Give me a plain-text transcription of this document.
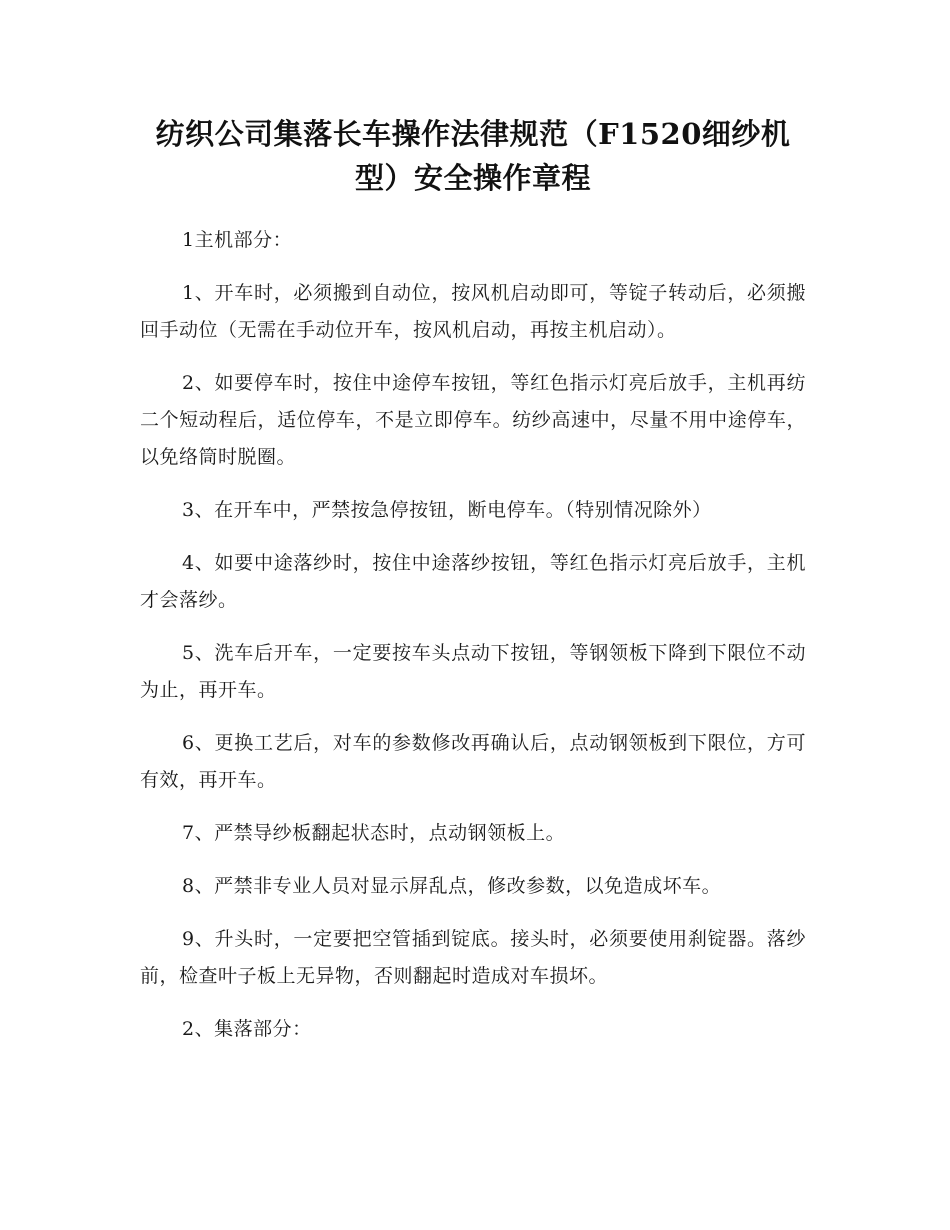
纺织公司集落长车操作法律规范（F1520细纱机型）安全操作章程

1主机部分：

1、开车时，必须搬到自动位，按风机启动即可，等锭子转动后，必须搬回手动位（无需在手动位开车，按风机启动，再按主机启动）。

2、如要停车时，按住中途停车按钮，等红色指示灯亮后放手，主机再纺二个短动程后，适位停车，不是立即停车。纺纱高速中，尽量不用中途停车，以免络筒时脱圈。

3、在开车中，严禁按急停按钮，断电停车。（特别情况除外）

4、如要中途落纱时，按住中途落纱按钮，等红色指示灯亮后放手，主机才会落纱。

5、洗车后开车，一定要按车头点动下按钮，等钢领板下降到下限位不动为止，再开车。

6、更换工艺后，对车的参数修改再确认后，点动钢领板到下限位，方可有效，再开车。

7、严禁导纱板翻起状态时，点动钢领板上。

8、严禁非专业人员对显示屏乱点，修改参数，以免造成坏车。

9、升头时，一定要把空管插到锭底。接头时，必须要使用刹锭器。落纱前，检查叶子板上无异物，否则翻起时造成对车损坏。

2、集落部分：
